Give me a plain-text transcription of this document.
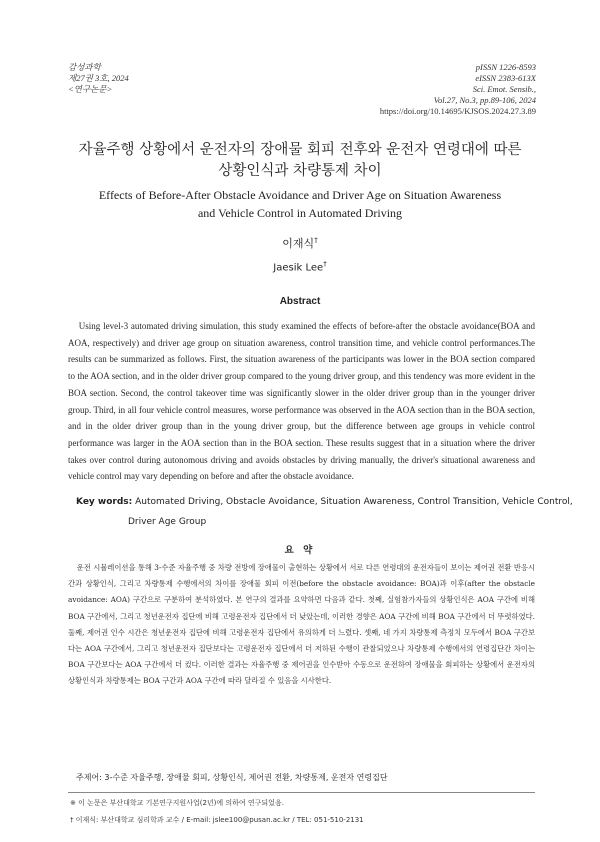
감성과학
제27권 3호, 2024
<연구논문>
pISSN 1226-8593
eISSN 2383-613X
Sci. Emot. Sensib.,
Vol.27, No.3, pp.89-106, 2024
https://doi.org/10.14695/KJSOS.2024.27.3.89
자율주행 상황에서 운전자의 장애물 회피 전후와 운전자 연령대에 따른
상황인식과 차량통제 차이
Effects of Before-After Obstacle Avoidance and Driver Age on Situation Awareness
and Vehicle Control in Automated Driving
이재식†
Jaesik Lee†
Abstract
Using level-3 automated driving simulation, this study examined the effects of before-after the obstacle avoidance(BOA and AOA, respectively) and driver age group on situation awareness, control transition time, and vehicle control performances.The results can be summarized as follows. First, the situation awareness of the participants was lower in the BOA section compared to the AOA section, and in the older driver group compared to the young driver group, and this tendency was more evident in the BOA section. Second, the control takeover time was significantly slower in the older driver group than in the younger driver group. Third, in all four vehicle control measures, worse performance was observed in the AOA section than in the BOA section, and in the older driver group than in the young driver group, but the difference between age groups in vehicle control performance was larger in the AOA section than in the BOA section. These results suggest that in a situation where the driver takes over control during autonomous driving and avoids obstacles by driving manually, the driver's situational awareness and vehicle control may vary depending on before and after the obstacle avoidance.
Key words: Automated Driving, Obstacle Avoidance, Situation Awareness, Control Transition, Vehicle Control, Driver Age Group
요 약
운전 시뮬레이션을 통해 3-수준 자율주행 중 차량 전방에 장애물이 출현하는 상황에서 서로 다른 연령대의 운전자들이 보이는 제어권 전환 반응시간과 상황인식, 그리고 차량통제 수행에서의 차이를 장애물 회피 이전(before the obstacle avoidance: BOA)과 이후(after the obstacle avoidance: AOA) 구간으로 구분하여 분석하였다. 본 연구의 결과를 요약하면 다음과 같다. 첫째, 실험참가자들의 상황인식은 AOA 구간에 비해 BOA 구간에서, 그리고 청년운전자 집단에 비해 고령운전자 집단에서 더 낮았는데, 이러한 경향은 AOA 구간에 비해 BOA 구간에서 더 뚜렷하였다. 둘째, 제어권 인수 시간은 청년운전자 집단에 비해 고령운전자 집단에서 유의하게 더 느렸다. 셋째, 네 가지 차량통제 측정치 모두에서 BOA 구간보다는 AOA 구간에서, 그리고 청년운전자 집단보다는 고령운전자 집단에서 더 저하된 수행이 관찰되었으나 차량통제 수행에서의 연령집단간 차이는 BOA 구간보다는 AOA 구간에서 더 컸다. 이러한 결과는 자율주행 중 제어권을 인수받아 수동으로 운전하여 장애물을 회피하는 상황에서 운전자의 상황인식과 차량통제는 BOA 구간과 AOA 구간에 따라 달라질 수 있음을 시사한다.
주제어: 3-수준 자율주행, 장애물 회피, 상황인식, 제어권 전환, 차량통제, 운전자 연령집단
※ 이 논문은 부산대학교 기본연구지원사업(2년)에 의하여 연구되었음.
† 이재식: 부산대학교 심리학과 교수 / E-mail: jslee100@pusan.ac.kr / TEL: 051-510-2131
